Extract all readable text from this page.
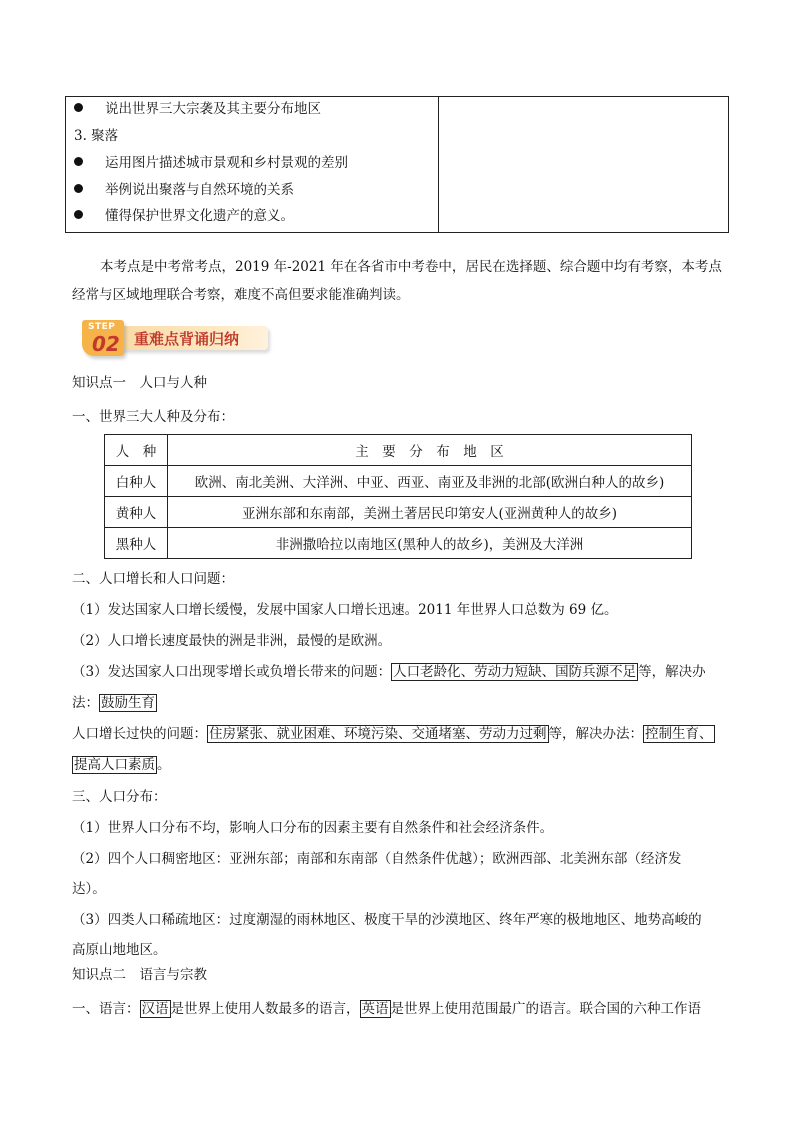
说出世界三大宗袭及其主要分布地区
3. 聚落
运用图片描述城市景观和乡村景观的差别
举例说出聚落与自然环境的关系
懂得保护世界文化遗产的意义。
本考点是中考常考点，2019 年-2021 年在各省市中考卷中，居民在选择题、综合题中均有考察，本考点
经常与区域地理联合考察，难度不高但要求能准确判读。
STEP
02 重难点背诵归纳
知识点一　人口与人种
一、世界三大人种及分布：
人　种	主　要　分　布　地　区
白种人	欧洲、南北美洲、大洋洲、中亚、西亚、南亚及非洲的北部(欧洲白种人的故乡)
黄种人	亚洲东部和东南部，美洲土著居民印第安人(亚洲黄种人的故乡)
黑种人	非洲撒哈拉以南地区(黑种人的故乡)，美洲及大洋洲
二、人口增长和人口问题：
（1）发达国家人口增长缓慢，发展中国家人口增长迅速。2011 年世界人口总数为 69 亿。
（2）人口增长速度最快的洲是非洲，最慢的是欧洲。
（3）发达国家人口出现零增长或负增长带来的问题： 人口老龄化、劳动力短缺、国防兵源不足 等，解决办
法： 鼓励生育
人口增长过快的问题： 住房紧张、就业困难、环境污染、交通堵塞、劳动力过剩 等，解决办法： 控制生育、
提高人口素质 。
三、人口分布：
（1）世界人口分布不均，影响人口分布的因素主要有自然条件和社会经济条件。
（2）四个人口稠密地区：亚洲东部；南部和东南部（自然条件优越）；欧洲西部、北美洲东部（经济发
达）。
（3）四类人口稀疏地区：过度潮湿的雨林地区、极度干旱的沙漠地区、终年严寒的极地地区、地势高峻的
高原山地地区。
知识点二　语言与宗教
一、语言： 汉语 是世界上使用人数最多的语言， 英语 是世界上使用范围最广的语言。联合国的六种工作语
